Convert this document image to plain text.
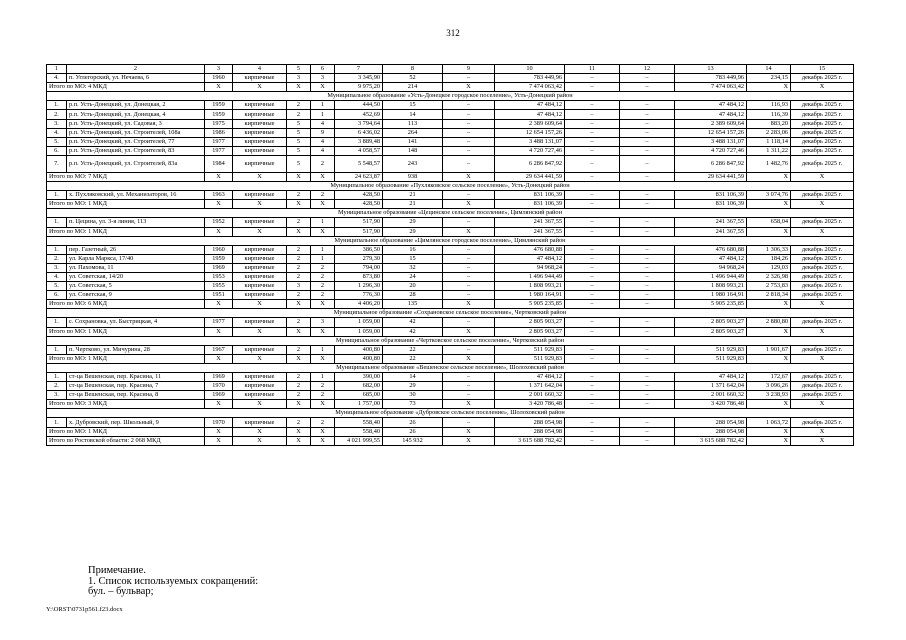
312
1	2	3	4	5	6	7	8	9	10	11	12	13	14	15
4.	п. Углегорский, ул. Нечаева, 6	1960	кирпичные	3	3	3 345,90	52	–	783 449,96	–	–	783 449,96	234,15	декабрь 2025 г.
Итого по МО: 4 МКД		X	X	X	X	9 975,20	214	X	7 474 063,42	–	–	7 474 063,42	X	X
Муниципальное образование «Усть-Донецкое городское поселение», Усть-Донецкий район														
1.	р.п. Усть-Донецкий, ул. Донецкая, 2	1959	кирпичные	2	1	444,50	15	–	47 484,12	–	–	47 484,12	116,93	декабрь 2025 г.
2.	р.п. Усть-Донецкий, ул. Донецкая, 4	1959	кирпичные	2	1	452,69	14	–	47 484,12	–	–	47 484,12	116,39	декабрь 2025 г.
3.	р.п. Усть-Донецкий, ул. Садовая, 3	1975	кирпичные	5	4	3 794,64	113	–	2 389 609,64	–	–	2 389 609,64	883,20	декабрь 2025 г.
4.	р.п. Усть-Донецкий, ул. Строителей, 108а	1986	кирпичные	5	9	6 436,02	264	–	12 654 157,26	–	–	12 654 157,26	2 283,06	декабрь 2025 г.
5.	р.п. Усть-Донецкий, ул. Строителей, 77	1977	кирпичные	5	4	3 889,48	141	–	3 488 131,07	–	–	3 488 131,07	1 118,14	декабрь 2025 г.
6.	р.п. Усть-Донецкий, ул. Строителей, 83	1977	кирпичные	5	4	4 058,57	148	–	4 720 727,46	–	–	4 720 727,46	1 311,22	декабрь 2025 г.
7.	р.п. Усть-Донецкий, ул. Строителей, 83а	1984	кирпичные	5	2	5 548,57	243	–	6 286 847,92	–	–	6 286 847,92	1 482,76	декабрь 2025 г.
Итого по МО: 7 МКД		X	X	X	X	24 623,87	938	X	29 634 441,59	–	–	29 634 441,59	X	X
Муниципальное образование «Пухляковское сельское поселение», Усть-Донецкий район														
1.	х. Пухляковский, ул. Механизаторов, 16	1963	кирпичные	2	2	428,50	21	–	831 106,39	–	–	831 106,39	3 074,76	декабрь 2025 г.
Итого по МО: 1 МКД		X	X	X	X	428,50	21	X	831 106,39	–	–	831 106,39	X	X
Муниципальное образование «Цецинское сельское поселение», Цимлянский район														
1.	п. Цецина, ул. 3-я линия, 113	1952	кирпичные	2	1	517,90	29	–	241 367,55	–	–	241 367,55	658,04	декабрь 2025 г.
Итого по МО: 1 МКД		X	X	X	X	517,90	29	X	241 367,55	–	–	241 367,55	X	X
Муниципальное образование «Цимлянское городское поселение», Цимлянский район														
1.	пер. Газетный, 26	1960	кирпичные	2	1	386,50	16	–	476 680,88	–	–	476 680,88	1 306,33	декабрь 2025 г.
2.	ул. Карла Маркса, 17/40	1959	кирпичные	2	1	279,30	15	–	47 484,12	–	–	47 484,12	184,26	декабрь 2025 г.
3.	ул. Пахомова, 11	1969	кирпичные	2	2	794,00	32	–	94 968,24	–	–	94 968,24	129,03	декабрь 2025 г.
4.	ул. Советская, 14/20	1953	кирпичные	2	2	873,80	24	–	1 496 944,49	–	–	1 496 944,49	2 326,98	декабрь 2025 г.
5.	ул. Советская, 5	1955	кирпичные	3	2	1 296,30	20	–	1 808 993,21	–	–	1 808 993,21	2 753,83	декабрь 2025 г.
6.	ул. Советская, 9	1951	кирпичные	2	2	776,30	28	–	1 980 164,91	–	–	1 980 164,91	2 818,34	декабрь 2025 г.
Итого по МО: 6 МКД		X	X	X	X	4 406,20	135	X	5 905 235,85	–	–	5 905 235,85	X	X
Муниципальное образование «Сохрановское сельское поселение», Чертковский район														
1.	с. Сохрановка, ул. Быстрицкая, 4	1977	кирпичные	2	3	1 059,00	42	–	2 805 903,27	–	–	2 805 903,27	2 880,80	декабрь 2025 г.
Итого по МО: 1 МКД		X	X	X	X	1 059,00	42	X	2 805 903,27	–	–	2 805 903,27	X	X
Муниципальное образование «Чертковское сельское поселение», Чертковский район														
1.	п. Чертково, ул. Мичурина, 28	1967	кирпичные	2	1	400,80	22	–	511 929,83	–	–	511 929,83	1 901,67	декабрь 2025 г.
Итого по МО: 1 МКД		X	X	X	X	400,80	22	X	511 929,83	–	–	511 929,83	X	X
Муниципальное образование «Вешенское сельское поселение», Шолоховский район														
1.	ст-ца Вешенская, пер. Красина, 11	1969	кирпичные	2	1	390,00	14	–	47 484,12	–	–	47 484,12	172,67	декабрь 2025 г.
2.	ст-ца Вешенская, пер. Красина, 7	1970	кирпичные	2	2	682,00	29	–	1 371 642,04	–	–	1 371 642,04	3 096,26	декабрь 2025 г.
3.	ст-ца Вешенская, пер. Красина, 8	1969	кирпичные	2	2	685,00	30	–	2 001 660,32	–	–	2 001 660,32	3 238,93	декабрь 2025 г.
Итого по МО: 3 МКД		X	X	X	X	1 757,00	73	X	3 420 786,48	–	–	3 420 786,48	X	X
Муниципальное образование «Дубровское сельское поселение», Шолоховский район														
1.	х. Дубровский, пер. Школьный, 9	1970	кирпичные	2	2	558,40	26	–	288 054,98	–	–	288 054,98	1 063,72	декабрь 2025 г.
Итого по МО: 1 МКД		X	X	X	X	558,40	26	X	288 054,98	–	–	288 054,98	X	X
Итого по Ростовской области: 2 068 МКД		X	X	X	X	4 021 999,55	145 932	X	3 615 688 782,42	–	–	3 615 688 782,42	X	X
Примечание.
1. Список используемых сокращений:
бул. – бульвар;
Y:\ORST\0731p561.f23.docx
